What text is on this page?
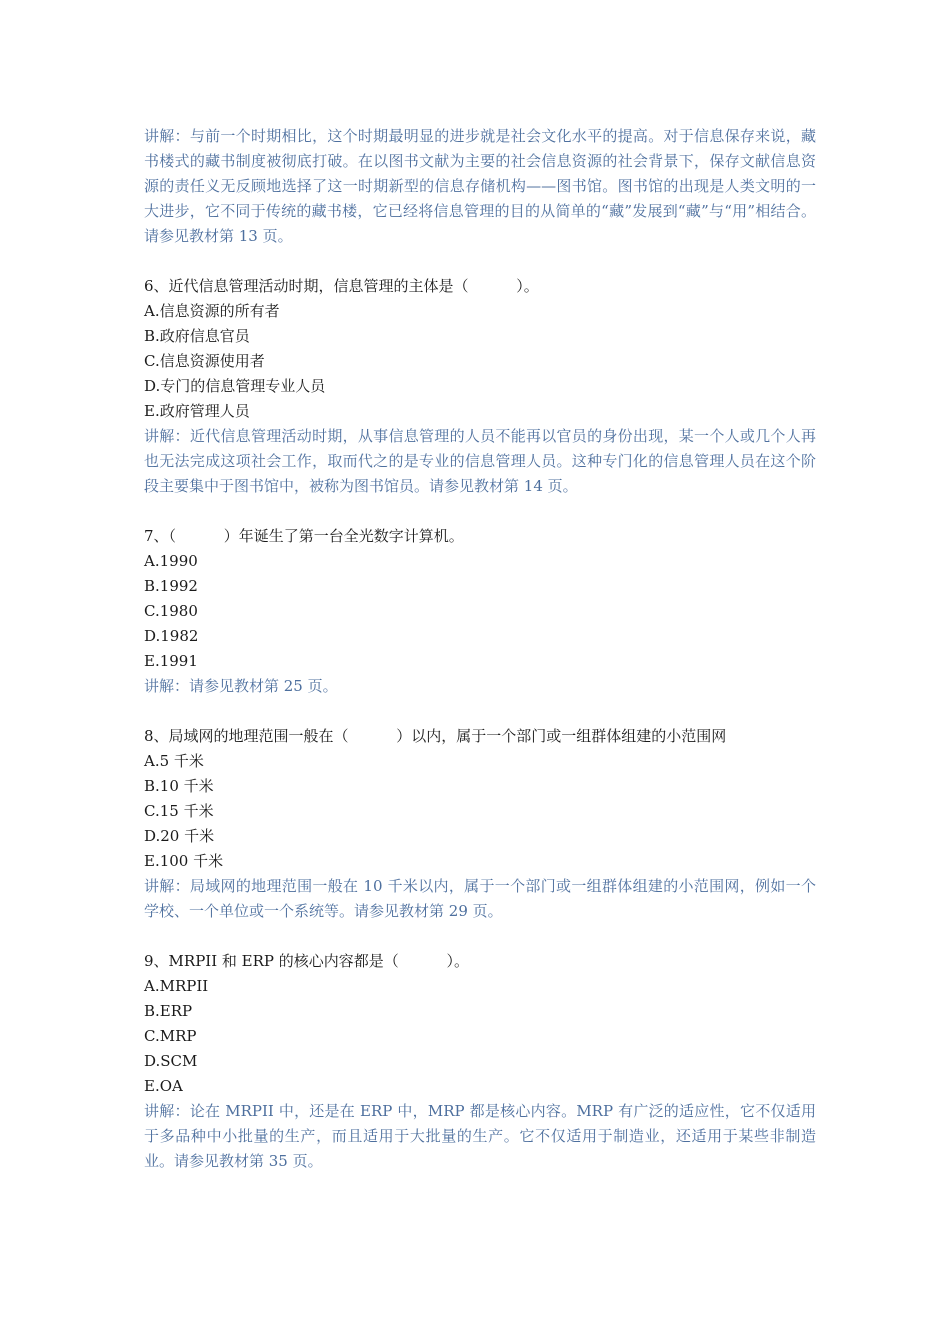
讲解：与前一个时期相比，这个时期最明显的进步就是社会文化水平的提高。对于信息保存来说，藏书楼式的藏书制度被彻底打破。在以图书文献为主要的社会信息资源的社会背景下，保存文献信息资源的责任义无反顾地选择了这一时期新型的信息存储机构——图书馆。图书馆的出现是人类文明的一大进步，它不同于传统的藏书楼，它已经将信息管理的目的从简单的“藏”发展到“藏”与“用”相结合。请参见教材第 13 页。

6、近代信息管理活动时期，信息管理的主体是（          ）。

A.信息资源的所有者

B.政府信息官员

C.信息资源使用者

D.专门的信息管理专业人员

E.政府管理人员

讲解：近代信息管理活动时期，从事信息管理的人员不能再以官员的身份出现，某一个人或几个人再也无法完成这项社会工作，取而代之的是专业的信息管理人员。这种专门化的信息管理人员在这个阶段主要集中于图书馆中，被称为图书馆员。请参见教材第 14 页。

7、（          ）年诞生了第一台全光数字计算机。

A.1990

B.1992

C.1980

D.1982

E.1991

讲解：请参见教材第 25 页。

8、局域网的地理范围一般在（          ）以内，属于一个部门或一组群体组建的小范围网

A.5 千米

B.10 千米

C.15 千米

D.20 千米

E.100 千米

讲解：局域网的地理范围一般在 10 千米以内，属于一个部门或一组群体组建的小范围网，例如一个学校、一个单位或一个系统等。请参见教材第 29 页。

9、MRPII 和 ERP 的核心内容都是（          ）。

A.MRPII

B.ERP

C.MRP

D.SCM

E.OA

讲解：论在 MRPII 中，还是在 ERP 中，MRP 都是核心内容。MRP 有广泛的适应性，它不仅适用于多品种中小批量的生产，而且适用于大批量的生产。它不仅适用于制造业，还适用于某些非制造业。请参见教材第 35 页。
